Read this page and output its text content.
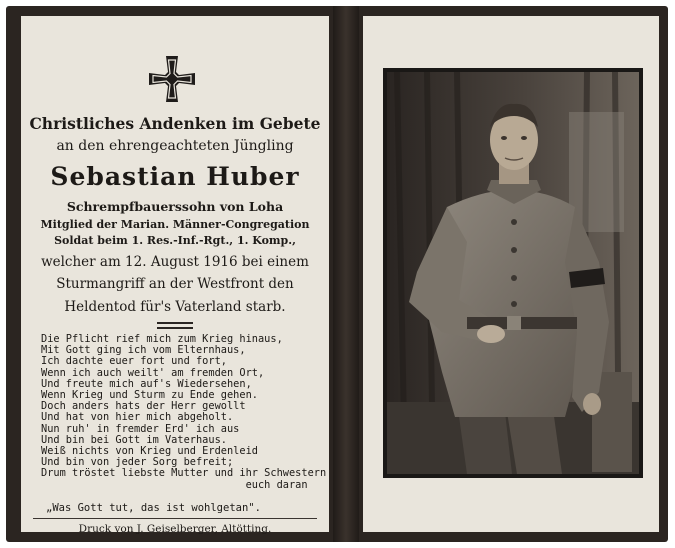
Christliches Andenken im Gebete
an den ehrengeachteten Jüngling
Sebastian Huber
Schrempfbauerssohn von Loha
Mitglied der Marian. Männer-Congregation
Soldat beim 1. Res.-Inf.-Rgt., 1. Komp.,
welcher am 12. August 1916 bei einem
Sturmangriff an der Westfront den
Heldentod für's Vaterland starb.
Die Pflicht rief mich zum Krieg hinaus,
Mit Gott ging ich vom Elternhaus,
Ich dachte euer fort und fort,
Wenn ich auch weilt' am fremden Ort,
Und freute mich auf's Wiedersehen,
Wenn Krieg und Sturm zu Ende gehen.
Doch anders hats der Herr gewollt
Und hat von hier mich abgeholt.
Nun ruh' in fremder Erd' ich aus
Und bin bei Gott im Vaterhaus.
Weiß nichts von Krieg und Erdenleid
Und bin von jeder Sorg befreit;
Drum tröstet liebste Mutter und ihr Schwestern
euch daran
„Was Gott tut, das ist wohlgetan".
Druck von J. Geiselberger, Altötting.
